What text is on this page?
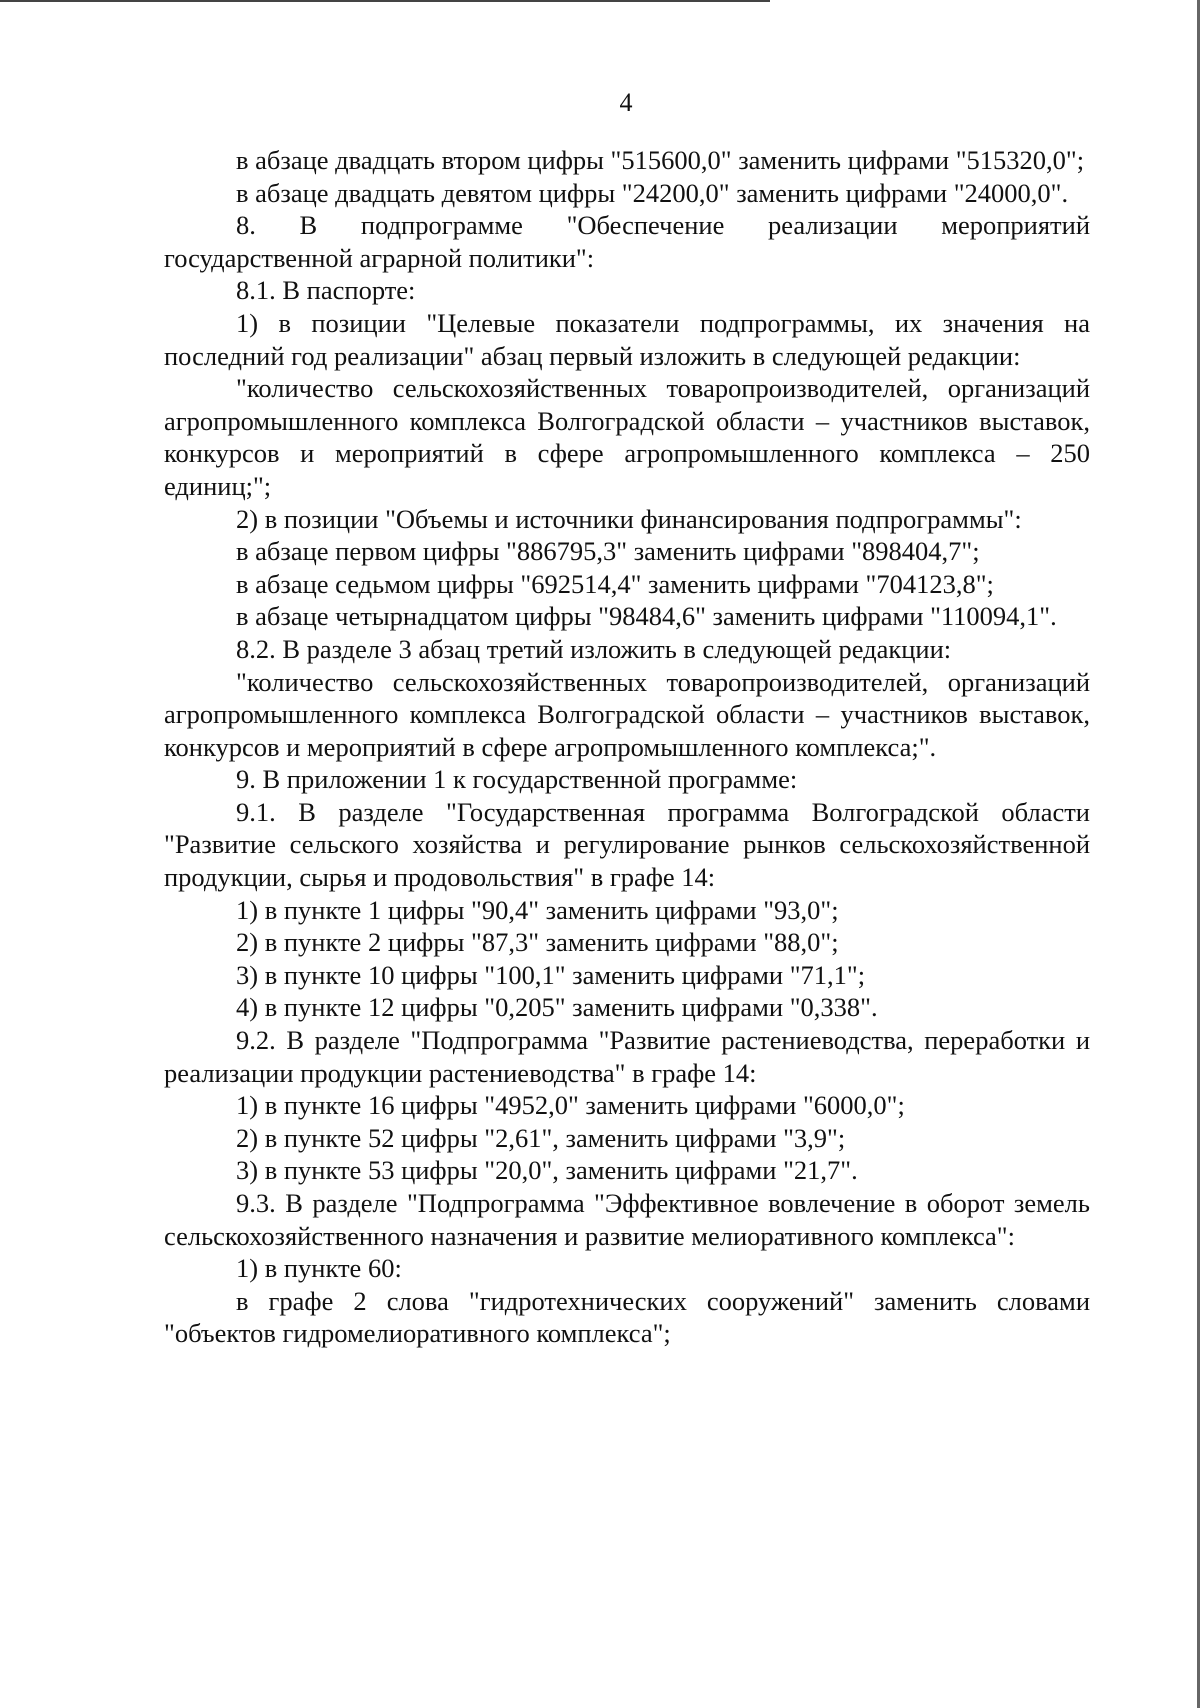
4

в абзаце двадцать втором цифры "515600,0" заменить цифрами "515320,0";

в абзаце двадцать девятом цифры "24200,0" заменить цифрами "24000,0".

8. В подпрограмме "Обеспечение реализации мероприятий государственной аграрной политики":

8.1. В паспорте:

1) в позиции "Целевые показатели подпрограммы, их значения на последний год реализации" абзац первый изложить в следующей редакции:

"количество сельскохозяйственных товаропроизводителей, организаций агропромышленного комплекса Волгоградской области – участников выставок, конкурсов и мероприятий в сфере агропромышленного комплекса – 250 единиц;";

2) в позиции "Объемы и источники финансирования подпрограммы":

в абзаце первом цифры "886795,3" заменить цифрами "898404,7";

в абзаце седьмом цифры "692514,4" заменить цифрами "704123,8";

в абзаце четырнадцатом цифры "98484,6" заменить цифрами "110094,1".

8.2. В разделе 3 абзац третий изложить в следующей редакции:

"количество сельскохозяйственных товаропроизводителей, организаций агропромышленного комплекса Волгоградской области – участников выставок, конкурсов и мероприятий в сфере агропромышленного комплекса;".

9. В приложении 1 к государственной программе:

9.1. В разделе "Государственная программа Волгоградской области "Развитие сельского хозяйства и регулирование рынков сельскохозяйственной продукции, сырья и продовольствия" в графе 14:

1) в пункте 1 цифры "90,4" заменить цифрами "93,0";

2) в пункте 2 цифры "87,3" заменить цифрами "88,0";

3) в пункте 10 цифры "100,1" заменить цифрами "71,1";

4) в пункте 12 цифры "0,205" заменить цифрами "0,338".

9.2. В разделе "Подпрограмма "Развитие растениеводства, переработки и реализации продукции растениеводства" в графе 14:

1) в пункте 16 цифры "4952,0" заменить цифрами "6000,0";

2) в пункте 52 цифры "2,61", заменить цифрами "3,9";

3) в пункте 53 цифры "20,0", заменить цифрами "21,7".

9.3. В разделе "Подпрограмма "Эффективное вовлечение в оборот земель сельскохозяйственного назначения и развитие мелиоративного комплекса":

1) в пункте 60:

в графе 2 слова "гидротехнических сооружений" заменить словами "объектов гидромелиоративного комплекса";
